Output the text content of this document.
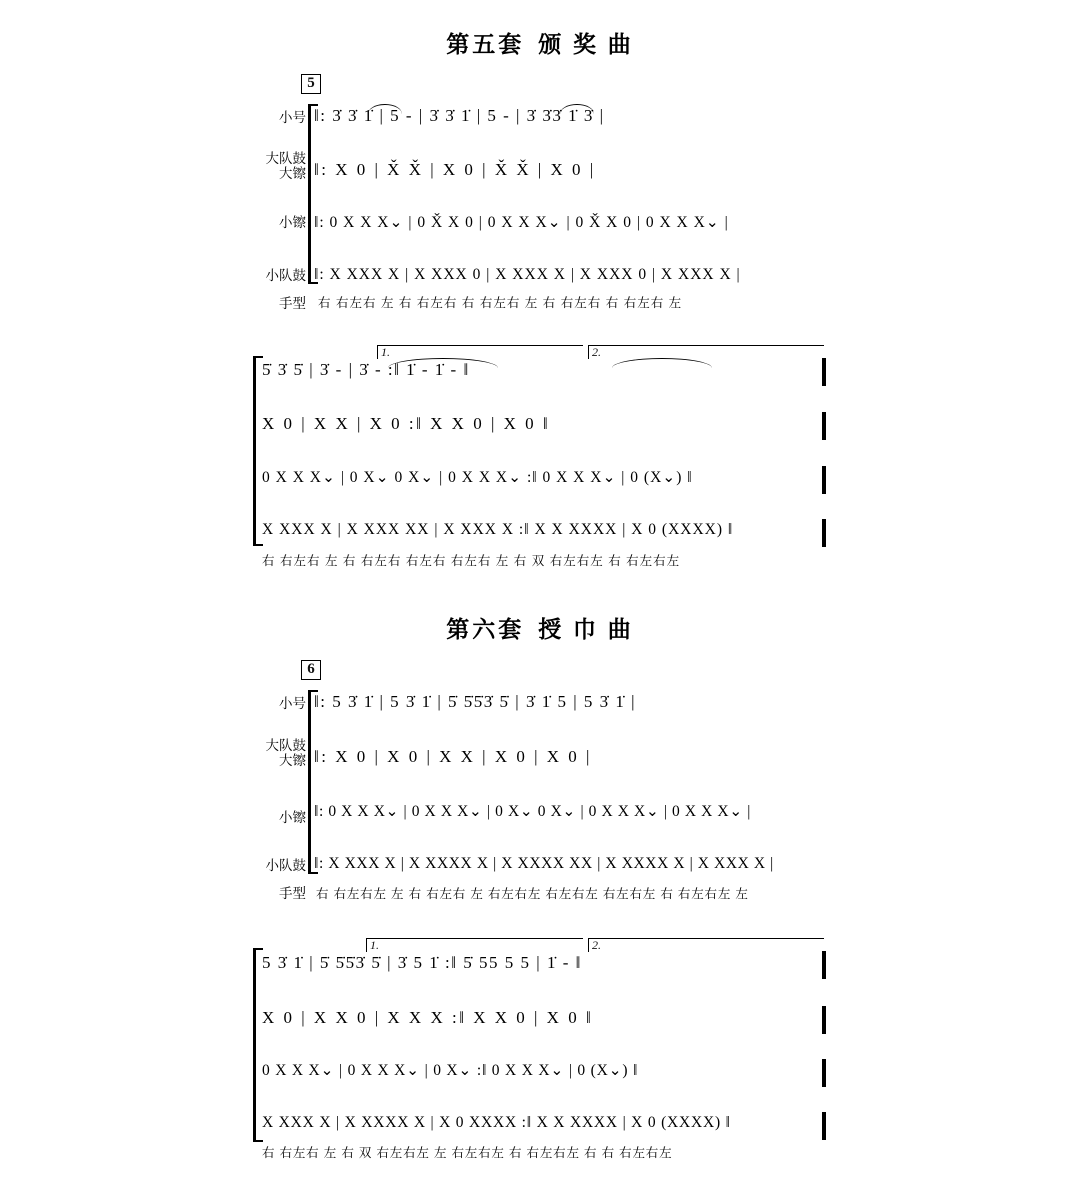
第五套 颁 奖 曲
5
小号
大队鼓
大镲
小镲
小队鼓
手型
‖: 3̇ 3̇ 1̇ | 5 - | 3̇ 3̇ 1̇ | 5 - | 3̇ 3̇3̇ 1̇ 3̇ |
‖: X 0 | X̌ X̌ | X 0 | X̌ X̌ | X 0 |
‖: 0 X X X⌄ | 0 X̌ X 0 | 0 X X X⌄ | 0 X̌ X 0 | 0 X X X⌄ |
‖: X XXX X | X XXX 0 | X XXX X | X XXX 0 | X XXX X |
右 右左右 左 右 右左右 右 右左右 左 右 右左右 右 右左右 左
5̇ 3̇ 5̇ | 3̇ - | 3̇ - :‖ 1̇ - 1̇ - ‖
X 0 | X X | X 0 :‖ X X 0 | X 0 ‖
0 X X X⌄ | 0 X⌄ 0 X⌄ | 0 X X X⌄ :‖ 0 X X X⌄ | 0 (X⌄) ‖
X XXX X | X XXX XX | X XXX X :‖ X X XXXX | X 0 (XXXX) ‖
右 右左右 左 右 右左右 右左右 右左右 左 右 双 右左右左 右 右左右左
1.	2.
第六套 授 巾 曲
6
小号
大队鼓
大镲
小镲
小队鼓
手型
‖: 5 3̇ 1̇ | 5 3̇ 1̇ | 5̇ 5̇5̇3̇ 5̇ | 3̇ 1̇ 5 | 5 3̇ 1̇ |
‖: X 0 | X 0 | X X | X 0 | X 0 |
‖: 0 X X X⌄ | 0 X X X⌄ | 0 X⌄ 0 X⌄ | 0 X X X⌄ | 0 X X X⌄ |
‖: X XXX X | X XXXX X | X XXXX XX | X XXXX X | X XXX X |
右 右左右左 左 右 右左右 左 右左右左 右左右左 右左右左 右 右左右左 左
5 3̇ 1̇ | 5̇ 5̇5̇3̇ 5̇ | 3̇ 5 1̇ :‖ 5̇ 55 5 5 | 1̇ - ‖
X 0 | X X 0 | X X X :‖ X X 0 | X 0 ‖
0 X X X⌄ | 0 X X X⌄ | 0 X⌄ :‖ 0 X X X⌄ | 0 (X⌄) ‖
X XXX X | X XXXX X | X 0 XXXX :‖ X X XXXX | X 0 (XXXX) ‖
右 右左右 左 右 双 右左右左 左 右左右左 右 右左右左 右 右 右左右左
1.	2.
